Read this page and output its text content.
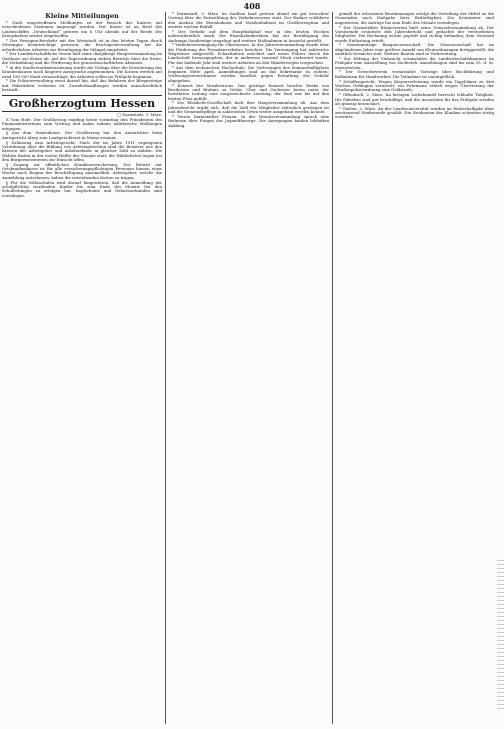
408
Kleine Mitteilungen

* Nach eingetroffenen Meldungen ist der Besuch des Kaisers auf verschiedenen Stationen angezeigt worden. Der Kaiser ist an Bord des Linienschiffes „Deutschland“ gestern um 6 Uhr abends auf der Reede des Kriegshafens wieder eingetroffen.

* Der Fernsprechverkehr mit der Weststadt ist in den letzten Tagen durch Störungen beeinträchtigt gewesen; die Reichspostverwaltung hat die erforderlichen Arbeiten zur Beseitigung der Mängel eingeleitet.

* Der Landwirtschaftliche Verein hält seine diesjährige Hauptversammlung im Gasthaus zur Krone ab. Auf der Tagesordnung stehen Berichte über die Ernte, die Viehzählung und die Förderung des genossenschaftlichen Absatzes.

* In der Stadtverordnetensitzung wurde die Vorlage über die Erweiterung des Krankenhauses nach längerer Aussprache angenommen. Die Kosten werden auf rund 180 000 Mark veranschlagt; die Arbeiten sollen im Frühjahr beginnen.

* Die Polizeiverwaltung weist darauf hin, daß das Befahren der Bürgersteige mit Fahrrädern verboten ist. Zuwiderhandlungen werden unnachsichtlich bestraft.

Großherzogtum Hessen
□ Darmstadt, 3. März.

X Vom Hofe. Der Großherzog empfing heute vormittag den Präsidenten des Finanzministeriums zum Vortrag und nahm sodann militärische Meldungen entgegen.

§ Aus dem Staatsdienst. Der Großherzog hat den Amtsrichter beim Amtsgericht Alzey zum Landgerichtsrat in Mainz ernannt.

§ Zulassung zum Arbeitsgericht. Nach der im Jahre 1911 ergangenen Verordnung über die Bildung von Arbeitsgerichten sind die Beisitzer aus den Kreisen der Arbeitgeber und Arbeitnehmer in gleicher Zahl zu wählen. Die Wahlen finden in der ersten Hälfte des Monats statt; die Wählerlisten liegen bei den Bürgermeistereien zur Einsicht offen.

§ Zugang zur öffentlichen Krankenversicherung. Der Beitritt zur Ortskrankenkasse ist für alle versicherungspflichtigen Personen binnen einer Woche nach Beginn der Beschäftigung anzumelden. Arbeitgeber, welche die Anmeldung unterlassen, haben die entstehenden Kosten zu tragen.

§ Für die Volksschulen wird darauf hingewiesen, daß die Anmeldung der schulpflichtig werdenden Kinder bis zum Ende des Monats bei den Schulleitungen zu erfolgen hat. Impfscheine und Geburtsurkunden sind vorzulegen.

* Darmstadt, 3. März. Im Saalbau fand gestern abend ein gut besuchter Vortrag über die Entwicklung des Verkehrswesens statt. Der Redner schilderte den Ausbau der Eisenbahnen und Straßenbahnen im Großherzogtum und erntete reichen Beifall.

* Der Verkehr auf dem Hauptbahnhof war in den letzten Wochen außerordentlich stark. Die Eisenbahndirektion hat zur Bewältigung des Andrangs Sonderzüge eingelegt und weitere Maßnahmen in Aussicht gestellt.

* Verkehrsvereinigung für Oberhessen. In der Jahresversammlung wurde über die Förderung des Fremdenverkehrs berichtet. Die Vereinigung hat zahlreiche Wegweiser aufgestellt, Schutzhütten errichtet und einen Führer durch die Landschaft herausgegeben, der in mehreren tausend Stück verbreitet wurde. Für das laufende Jahr sind weitere Arbeiten an den Wanderwegen vorgesehen.

* Aus dem technischen Hochschule. Die Vorlesungen des Sommerhalbjahres beginnen Mitte April. Anmeldungen sind an das Sekretariat zu richten; Vorlesungsverzeichnisse werden daselbst gegen Erstattung der Gebühr abgegeben.

* Konzert des Musikvereins. Das gestrige Konzert brachte Werke von Beethoven und Brahms zu Gehör. Chor und Orchester boten unter der bewährten Leitung eine ausgezeichnete Leistung; der Saal war bis auf den letzten Platz gefüllt.

* Die Elisabeth-Gesellschaft hielt ihre Hauptversammlung ab. Aus dem Jahresbericht ergibt sich, daß die Zahl der Mitglieder erfreulich gestiegen ist und die Gemeindepflege in zahlreichen Orten weiter ausgebaut werden konnte.

* Verein Darmstädter Frauen. In der Monatsversammlung sprach eine Rednerin über Fragen der Jugendfürsorge. Die Anregungen fanden lebhaften Anklang.

gemäß der erlassenen Bestimmungen erfolgt die Verteilung der Mittel an die Gemeinden nach Maßgabe ihrer Bedürftigkeit. Die Kreisämter sind angewiesen, die Anträge bis zum Ende des Monats vorzulegen.

* Der Darmstädter Bürgerverein hielt seine Generalversammlung ab. Der Vorsitzende erstattete den Jahresbericht und gedachte der verstorbenen Mitglieder. Die Rechnung wurde geprüft und richtig befunden; dem Vorstand wurde Entlastung erteilt.

* Gemeinnützige Baugenossenschaft. Die Genossenschaft hat im abgelaufenen Jahre eine größere Anzahl von Kleinwohnungen fertiggestellt, die sämtlich vermietet sind. Weitere Bauten sind in Vorbereitung.

* Zur Hebung der Viehzucht veranstaltet die Landwirtschaftskammer im Frühjahr eine Ausstellung von Zuchtvieh. Anmeldungen sind bis zum 15. d. M. einzureichen.

* Der Gewerbeverein veranstaltet Vorträge über Buchführung und Kalkulation für Handwerker. Die Teilnahme ist unentgeltlich.

* Schöffengericht. Wegen Körperverletzung wurde ein Tagelöhner zu drei Wochen Gefängnis verurteilt; ein Fuhrmann erhielt wegen Übertretung der Straßenpolizeiordnung eine Geldstrafe.

* Offenbach, 2. März. Im hiesigen Lederhandel herrscht lebhafte Tätigkeit. Die Fabriken sind gut beschäftigt, und die Aussichten für das Frühjahr werden als günstig bezeichnet.

* Gießen, 2. März. An der Landesuniversität wurden im Winterhalbjahr über zweitausend Studierende gezählt. Die Neubauten der Kliniken schreiten rüstig vorwärts.
